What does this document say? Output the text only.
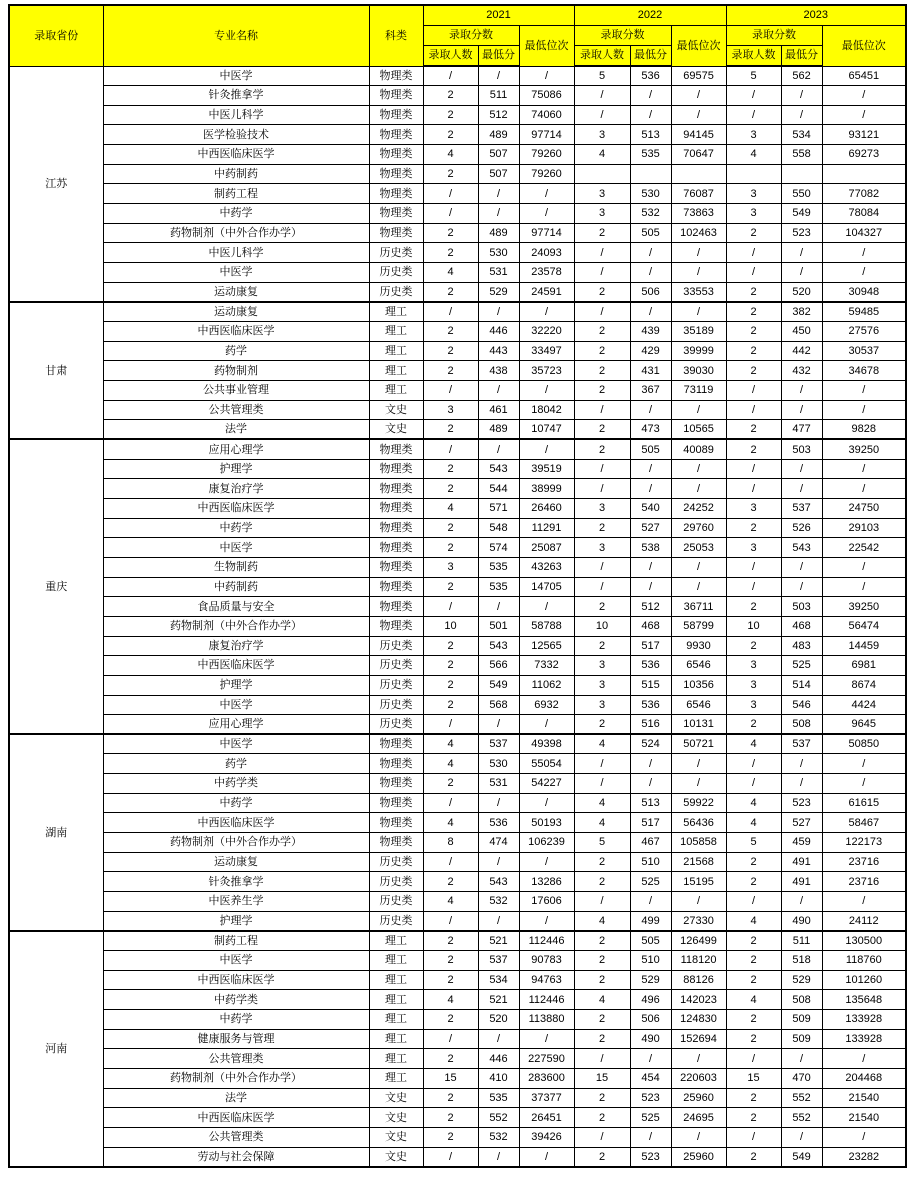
录取省份	专业名称	科类	2021			2022			2023		
			录取分数		最低位次	录取分数		最低位次	录取分数		最低位次
			录取人数	最低分		录取人数	最低分		录取人数	最低分	
江苏	中医学	物理类	/	/	/	5	536	69575	5	562	65451
	针灸推拿学	物理类	2	511	75086	/	/	/	/	/	/
	中医儿科学	物理类	2	512	74060	/	/	/	/	/	/
	医学检验技术	物理类	2	489	97714	3	513	94145	3	534	93121
	中西医临床医学	物理类	4	507	79260	4	535	70647	4	558	69273
	中药制药	物理类	2	507	79260						
	制药工程	物理类	/	/	/	3	530	76087	3	550	77082
	中药学	物理类	/	/	/	3	532	73863	3	549	78084
	药物制剂（中外合作办学）	物理类	2	489	97714	2	505	102463	2	523	104327
	中医儿科学	历史类	2	530	24093	/	/	/	/	/	/
	中医学	历史类	4	531	23578	/	/	/	/	/	/
	运动康复	历史类	2	529	24591	2	506	33553	2	520	30948
甘肃	运动康复	理工	/	/	/	/	/	/	2	382	59485
	中西医临床医学	理工	2	446	32220	2	439	35189	2	450	27576
	药学	理工	2	443	33497	2	429	39999	2	442	30537
	药物制剂	理工	2	438	35723	2	431	39030	2	432	34678
	公共事业管理	理工	/	/	/	2	367	73119	/	/	/
	公共管理类	文史	3	461	18042	/	/	/	/	/	/
	法学	文史	2	489	10747	2	473	10565	2	477	9828
重庆	应用心理学	物理类	/	/	/	2	505	40089	2	503	39250
	护理学	物理类	2	543	39519	/	/	/	/	/	/
	康复治疗学	物理类	2	544	38999	/	/	/	/	/	/
	中西医临床医学	物理类	4	571	26460	3	540	24252	3	537	24750
	中药学	物理类	2	548	11291	2	527	29760	2	526	29103
	中医学	物理类	2	574	25087	3	538	25053	3	543	22542
	生物制药	物理类	3	535	43263	/	/	/	/	/	/
	中药制药	物理类	2	535	14705	/	/	/	/	/	/
	食品质量与安全	物理类	/	/	/	2	512	36711	2	503	39250
	药物制剂（中外合作办学）	物理类	10	501	58788	10	468	58799	10	468	56474
	康复治疗学	历史类	2	543	12565	2	517	9930	2	483	14459
	中西医临床医学	历史类	2	566	7332	3	536	6546	3	525	6981
	护理学	历史类	2	549	11062	3	515	10356	3	514	8674
	中医学	历史类	2	568	6932	3	536	6546	3	546	4424
	应用心理学	历史类	/	/	/	2	516	10131	2	508	9645
湖南	中医学	物理类	4	537	49398	4	524	50721	4	537	50850
	药学	物理类	4	530	55054	/	/	/	/	/	/
	中药学类	物理类	2	531	54227	/	/	/	/	/	/
	中药学	物理类	/	/	/	4	513	59922	4	523	61615
	中西医临床医学	物理类	4	536	50193	4	517	56436	4	527	58467
	药物制剂（中外合作办学）	物理类	8	474	106239	5	467	105858	5	459	122173
	运动康复	历史类	/	/	/	2	510	21568	2	491	23716
	针灸推拿学	历史类	2	543	13286	2	525	15195	2	491	23716
	中医养生学	历史类	4	532	17606	/	/	/	/	/	/
	护理学	历史类	/	/	/	4	499	27330	4	490	24112
河南	制药工程	理工	2	521	112446	2	505	126499	2	511	130500
	中医学	理工	2	537	90783	2	510	118120	2	518	118760
	中西医临床医学	理工	2	534	94763	2	529	88126	2	529	101260
	中药学类	理工	4	521	112446	4	496	142023	4	508	135648
	中药学	理工	2	520	113880	2	506	124830	2	509	133928
	健康服务与管理	理工	/	/	/	2	490	152694	2	509	133928
	公共管理类	理工	2	446	227590	/	/	/	/	/	/
	药物制剂（中外合作办学）	理工	15	410	283600	15	454	220603	15	470	204468
	法学	文史	2	535	37377	2	523	25960	2	552	21540
	中西医临床医学	文史	2	552	26451	2	525	24695	2	552	21540
	公共管理类	文史	2	532	39426	/	/	/	/	/	/
	劳动与社会保障	文史	/	/	/	2	523	25960	2	549	23282
